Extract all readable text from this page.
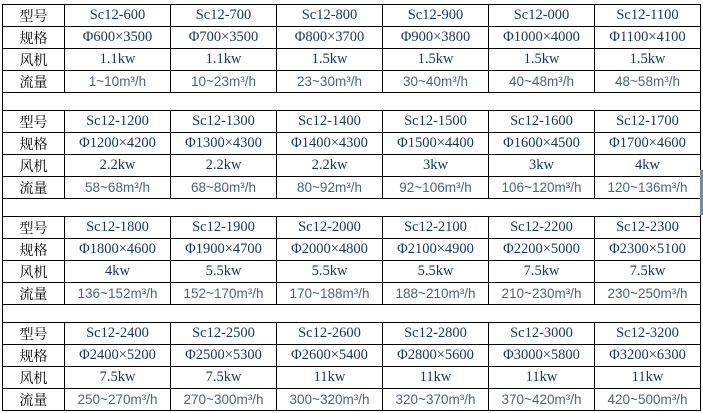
型号	Sc12-600	Sc12-700	Sc12-800	Sc12-900	Sc12-000	Sc12-1100
规格	Φ600×3500	Φ700×3500	Φ800×3700	Φ900×3800	Φ1000×4000	Φ1100×4100
风机	1.1kw	1.1kw	1.5kw	1.5kw	1.5kw	1.5kw
流量	1~10m³/h	10~23m³/h	23~30m³/h	30~40m³/h	40~48m³/h	48~58m³/h

型号	Sc12-1200	Sc12-1300	Sc12-1400	Sc12-1500	Sc12-1600	Sc12-1700
规格	Φ1200×4200	Φ1300×4300	Φ1400×4300	Φ1500×4400	Φ1600×4500	Φ1700×4600
风机	2.2kw	2.2kw	2.2kw	3kw	3kw	4kw
流量	58~68m³/h	68~80m³/h	80~92m³/h	92~106m³/h	106~120m³/h	120~136m³/h

型号	Sc12-1800	Sc12-1900	Sc12-2000	Sc12-2100	Sc12-2200	Sc12-2300
规格	Φ1800×4600	Φ1900×4700	Φ2000×4800	Φ2100×4900	Φ2200×5000	Φ2300×5100
风机	4kw	5.5kw	5.5kw	5.5kw	7.5kw	7.5kw
流量	136~152m³/h	152~170m³/h	170~188m³/h	188~210m³/h	210~230m³/h	230~250m³/h

型号	Sc12-2400	Sc12-2500	Sc12-2600	Sc12-2800	Sc12-3000	Sc12-3200
规格	Φ2400×5200	Φ2500×5300	Φ2600×5400	Φ2800×5600	Φ3000×5800	Φ3200×6300
风机	7.5kw	7.5kw	11kw	11kw	11kw	11kw
流量	250~270m³/h	270~300m³/h	300~320m³/h	320~370m³/h	370~420m³/h	420~500m³/h
